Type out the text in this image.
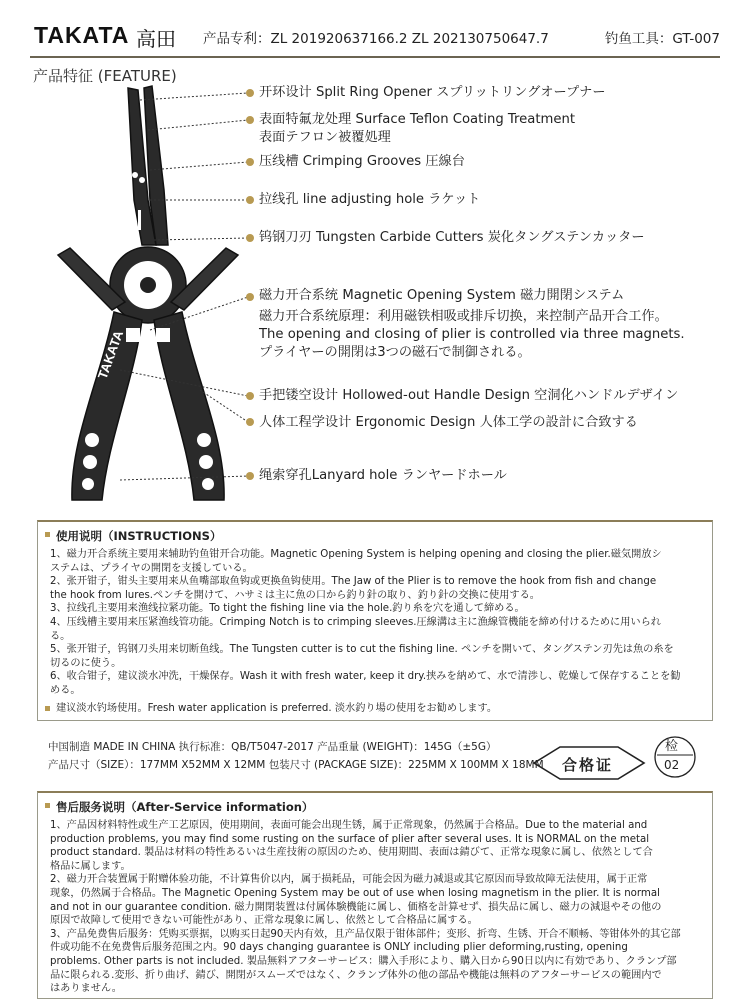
TAKATA 高田 产品专利：ZL 201920637166.2 ZL 202130750647.7	钓鱼工具：GT-007
产品特征 (FEATURE)
TAKATA
开环设计 Split Ring Opener スプリットリングオープナー
表面特氟龙处理 Surface Teflon Coating Treatment
表面テフロン被覆処理
压线槽 Crimping Grooves 圧線台
拉线孔 line adjusting hole ラケット
钨钢刀刃 Tungsten Carbide Cutters 炭化タングステンカッター
磁力开合系统 Magnetic Opening System 磁力開閉システム
磁力开合系统原理：利用磁铁相吸或排斥切换，来控制产品开合工作。
The opening and closing of plier is controlled via three magnets.
プライヤーの開閉は3つの磁石で制御される。
手把镂空设计 Hollowed-out Handle Design 空洞化ハンドルデザイン
人体工程学设计 Ergonomic Design 人体工学の設計に合致する
绳索穿孔Lanyard hole ランヤードホール
使用说明（INSTRUCTIONS）
1、磁力开合系统主要用来辅助钓鱼钳开合功能。Magnetic Opening System is helping opening and closing the plier.磁気開放シ
ステムは、プライヤの開閉を支援している。
2、张开钳子，钳头主要用来从鱼嘴部取鱼钩或更换鱼钩使用。The Jaw of the Plier is to remove the hook from fish and change
the hook from lures.ペンチを開けて、ハサミは主に魚の口から釣り針の取り、釣り針の交換に使用する。
3、拉线孔主要用来渔线拉紧功能。To tight the fishing line via the hole.釣り糸を穴を通して締める。
4、压线槽主要用来压紧渔线管功能。Crimping Notch is to crimping sleeves.圧線溝は主に漁線管機能を締め付けるために用いられ
る。
5、张开钳子，钨钢刀头用来切断鱼线。The Tungsten cutter is to cut the fishing line. ペンチを開いて、タングステン刃先は魚の糸を
切るのに使う。
6、收合钳子，建议淡水冲洗，干燥保存。Wash it with fresh water, keep it dry.挟みを納めて、水で清渉し、乾燥して保存することを勧
める。
建议淡水钓场使用。Fresh water application is preferred. 淡水釣り場の使用をお勧めします。
中国制造 MADE IN CHINA 执行标准：QB/T5047-2017 产品重量 (WEIGHT)：145G（±5G）
产品尺寸（SIZE）：177MM X52MM X 12MM 包装尺寸 (PACKAGE SIZE)：225MM X 100MM X 18MM 合格证
检
02
售后服务说明（After-Service information）
1、产品因材料特性或生产工艺原因，使用期间，表面可能会出现生锈，属于正常现象，仍然属于合格品。Due to the material and
production problems, you may find some rusting on the surface of plier after several uses. It is NORMAL on the metal
product standard. 製品は材料の特性あるいは生産技術の原因のため、使用期間、表面は錆びて、正常な現象に属し、依然として合
格品に属します。
2、磁力开合装置属于附赠体验功能，不计算售价以内，属于损耗品，可能会因为磁力减退或其它原因而导致故障无法使用，属于正常
现象，仍然属于合格品。The Magnetic Opening System may be out of use when losing magnetism in the plier. It is normal
and not in our guarantee condition. 磁力開閉装置は付属体験機能に属し、価格を計算せず、損失品に属し、磁力の減退やその他の
原因で故障して使用できない可能性があり、正常な現象に属し、依然として合格品に属する。
3、产品免费售后服务：凭购买票据，以购买日起90天内有效，且产品仅限于钳体部件；变形、折弯、生锈、开合不顺畅、等钳体外的其它部
件或功能不在免费售后服务范围之内。90 days changing guarantee is ONLY including plier deforming,rusting, opening
problems. Other parts is not included. 製品無料アフターサービス：購入手形により、購入日から90日以内に有効であり、クランプ部
品に限られる.変形、折り曲げ、錆び、開閉がスムーズではなく、クランプ体外の他の部品や機能は無料のアフターサービスの範囲内で
はありません。
